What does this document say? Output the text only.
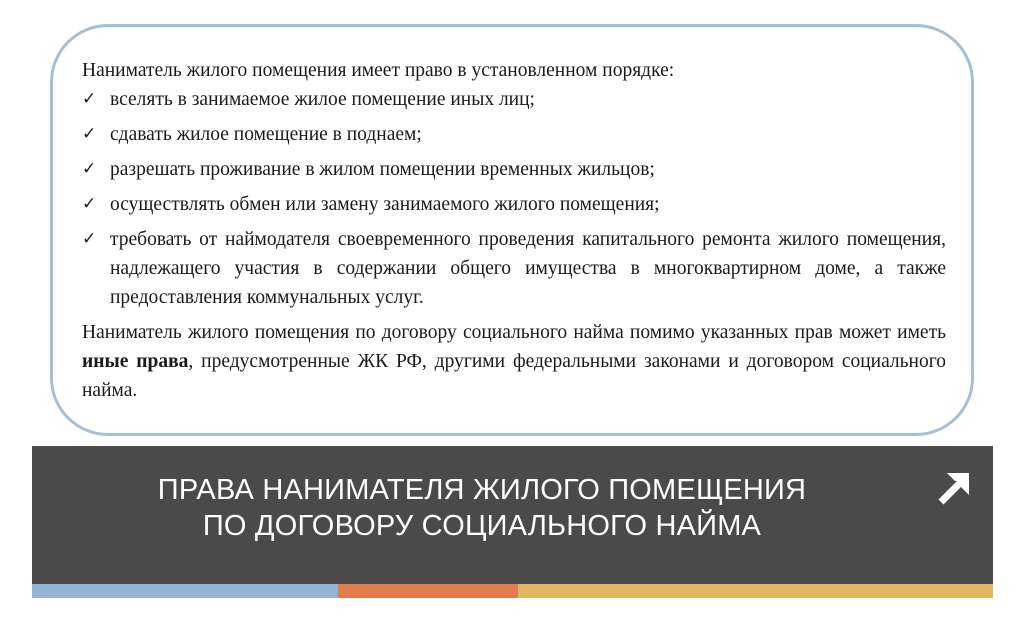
Наниматель жилого помещения имеет право в установленном порядке:

✓ вселять в занимаемое жилое помещение иных лиц;
✓ сдавать жилое помещение в поднаем;
✓ разрешать проживание в жилом помещении временных жильцов;
✓ осуществлять обмен или замену занимаемого жилого помещения;
✓ требовать от наймодателя своевременного проведения капитального ремонта жилого помещения, надлежащего участия в содержании общего имущества в многоквартирном доме, а также предоставления коммунальных услуг.

Наниматель жилого помещения по договору социального найма помимо указанных прав может иметь иные права, предусмотренные ЖК РФ, другими федеральными законами и договором социального найма.

ПРАВА НАНИМАТЕЛЯ ЖИЛОГО ПОМЕЩЕНИЯ
ПО ДОГОВОРУ СОЦИАЛЬНОГО НАЙМА
